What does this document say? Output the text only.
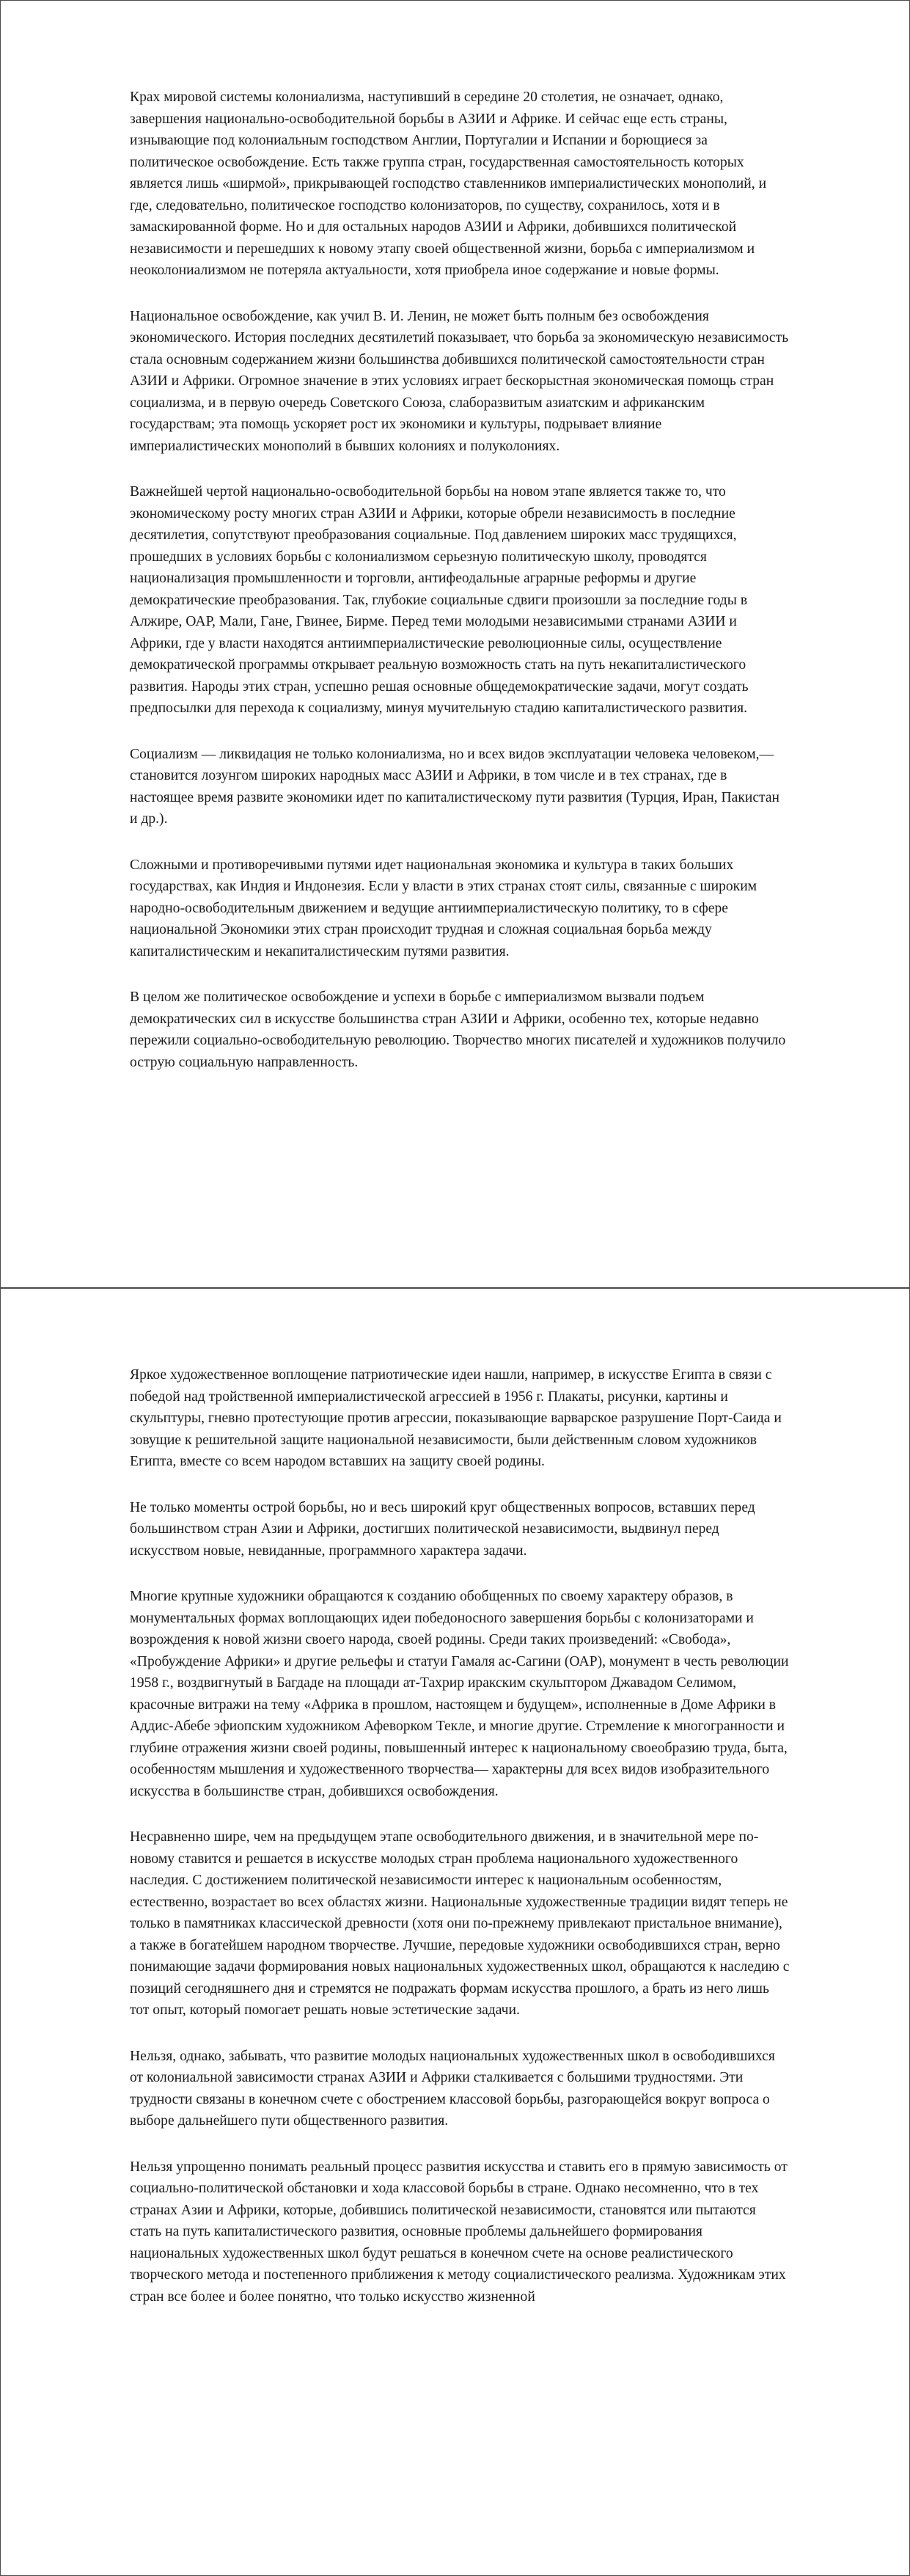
Крах мировой системы колониализма, наступивший в середине 20 столетия, не означает, однако, завершения национально-освободительной борьбы в АЗИИ и Африке. И сейчас еще есть страны, изнывающие под колониальным господством Англии, Португалии и Испании и борющиеся за политическое освобождение. Есть также группа стран, государственная самостоятельность которых является лишь «ширмой», прикрывающей господство ставленников империалистических монополий, и где, следовательно, политическое господство колонизаторов, по существу, сохранилось, хотя и в замаскированной форме. Но и для остальных народов АЗИИ и Африки, добившихся политической независимости и перешедших к новому этапу своей общественной жизни, борьба с империализмом и неоколониализмом не потеряла актуальности, хотя приобрела иное содержание и новые формы.

Национальное освобождение, как учил В. И. Ленин, не может быть полным без освобождения экономического. История последних десятилетий показывает, что борьба за экономическую независимость стала основным содержанием жизни большинства добившихся политической самостоятельности стран АЗИИ и Африки. Огромное значение в этих условиях играет бескорыстная экономическая помощь стран социализма, и в первую очередь Советского Союза, слаборазвитым азиатским и африканским государствам; эта помощь ускоряет рост их экономики и культуры, подрывает влияние империалистических монополий в бывших колониях и полуколониях.

Важнейшей чертой национально-освободительной борьбы на новом этапе является также то, что экономическому росту многих стран АЗИИ и Африки, которые обрели независимость в последние десятилетия, сопутствуют преобразования социальные. Под давлением широких масс трудящихся, прошедших в условиях борьбы с колониализмом серьезную политическую школу, проводятся национализация промышленности и торговли, антифеодальные аграрные реформы и другие демократические преобразования. Так, глубокие социальные сдвиги произошли за последние годы в Алжире, ОАР, Мали, Гане, Гвинее, Бирме. Перед теми молодыми независимыми странами АЗИИ и Африки, где у власти находятся антиимпериалистические революционные силы, осуществление демократической программы открывает реальную возможность стать на путь некапиталистического развития. Народы этих стран, успешно решая основные общедемократические задачи, могут создать предпосылки для перехода к социализму, минуя мучительную стадию капиталистического развития.

Социализм — ликвидация не только колониализма, но и всех видов эксплуатации человека человеком,— становится лозунгом широких народных масс АЗИИ и Африки, в том числе и в тех странах, где в настоящее время развите экономики идет по капиталистическому пути развития (Турция, Иран, Пакистан и др.).

Сложными и противоречивыми путями идет национальная экономика и культура в таких больших государствах, как Индия и Индонезия. Если у власти в этих странах стоят силы, связанные с широким народно-освободительным движением и ведущие антиимпериалистическую политику, то в сфере национальной Экономики этих стран происходит трудная и сложная социальная борьба между капиталистическим и некапиталистическим путями развития.

В целом же политическое освобождение и успехи в борьбе с империализмом вызвали подъем демократических сил в искусстве большинства стран АЗИИ и Африки, особенно тех, которые недавно пережили социально-освободительную революцию. Творчество многих писателей и художников получило острую социальную направленность.

Яркое художественное воплощение патриотические идеи нашли, например, в искусстве Египта в связи с победой над тройственной империалистической агрессией в 1956 г. Плакаты, рисунки, картины и скульптуры, гневно протестующие против агрессии, показывающие варварское разрушение Порт-Саида и зовущие к решительной защите национальной независимости, были действенным словом художников Египта, вместе со всем народом вставших на защиту своей родины.

Не только моменты острой борьбы, но и весь широкий круг общественных вопросов, вставших перед большинством стран Азии и Африки, достигших политической независимости, выдвинул перед искусством новые, невиданные, программного характера задачи.

Многие крупные художники обращаются к созданию обобщенных по своему характеру образов, в монументальных формах воплощающих идеи победоносного завершения борьбы с колонизаторами и возрождения к новой жизни своего народа, своей родины. Среди таких произведений: «Свобода», «Пробуждение Африки» и другие рельефы и статуи Гамаля ас-Сагини (ОАР), монумент в честь революции 1958 г., воздвигнутый в Багдаде на площади ат-Тахрир иракским скульптором Джавадом Селимом, красочные витражи на тему «Африка в прошлом, настоящем и будущем», исполненные в Доме Африки в Аддис-Абебе эфиопским художником Афеворком Текле, и многие другие. Стремление к многогранности и глубине отражения жизни своей родины, повышенный интерес к национальному своеобразию труда, быта, особенностям мышления и художественного творчества— характерны для всех видов изобразительного искусства в большинстве стран, добившихся освобождения.

Несравненно шире, чем на предыдущем этапе освободительного движения, и в значительной мере по-новому ставится и решается в искусстве молодых стран проблема национального художественного наследия. С достижением политической независимости интерес к национальным особенностям, естественно, возрастает во всех областях жизни. Национальные художественные традиции видят теперь не только в памятниках классической древности (хотя они по-прежнему привлекают пристальное внимание), а также в богатейшем народном творчестве. Лучшие, передовые художники освободившихся стран, верно понимающие задачи формирования новых национальных художественных школ, обращаются к наследию с позиций сегодняшнего дня и стремятся не подражать формам искусства прошлого, а брать из него лишь тот опыт, который помогает решать новые эстетические задачи.

Нельзя, однако, забывать, что развитие молодых национальных художественных школ в освободившихся от колониальной зависимости странах АЗИИ и Африки сталкивается с большими трудностями. Эти трудности связаны в конечном счете с обострением классовой борьбы, разгорающейся вокруг вопроса о выборе дальнейшего пути общественного развития.

Нельзя упрощенно понимать реальный процесс развития искусства и ставить его в прямую зависимость от социально-политической обстановки и хода классовой борьбы в стране. Однако несомненно, что в тех странах Азии и Африки, которые, добившись политической независимости, становятся или пытаются стать на путь капиталистического развития, основные проблемы дальнейшего формирования национальных художественных школ будут решаться в конечном счете на основе реалистического творческого метода и постепенного приближения к методу социалистического реализма. Художникам этих стран все более и более понятно, что только искусство жизненной
